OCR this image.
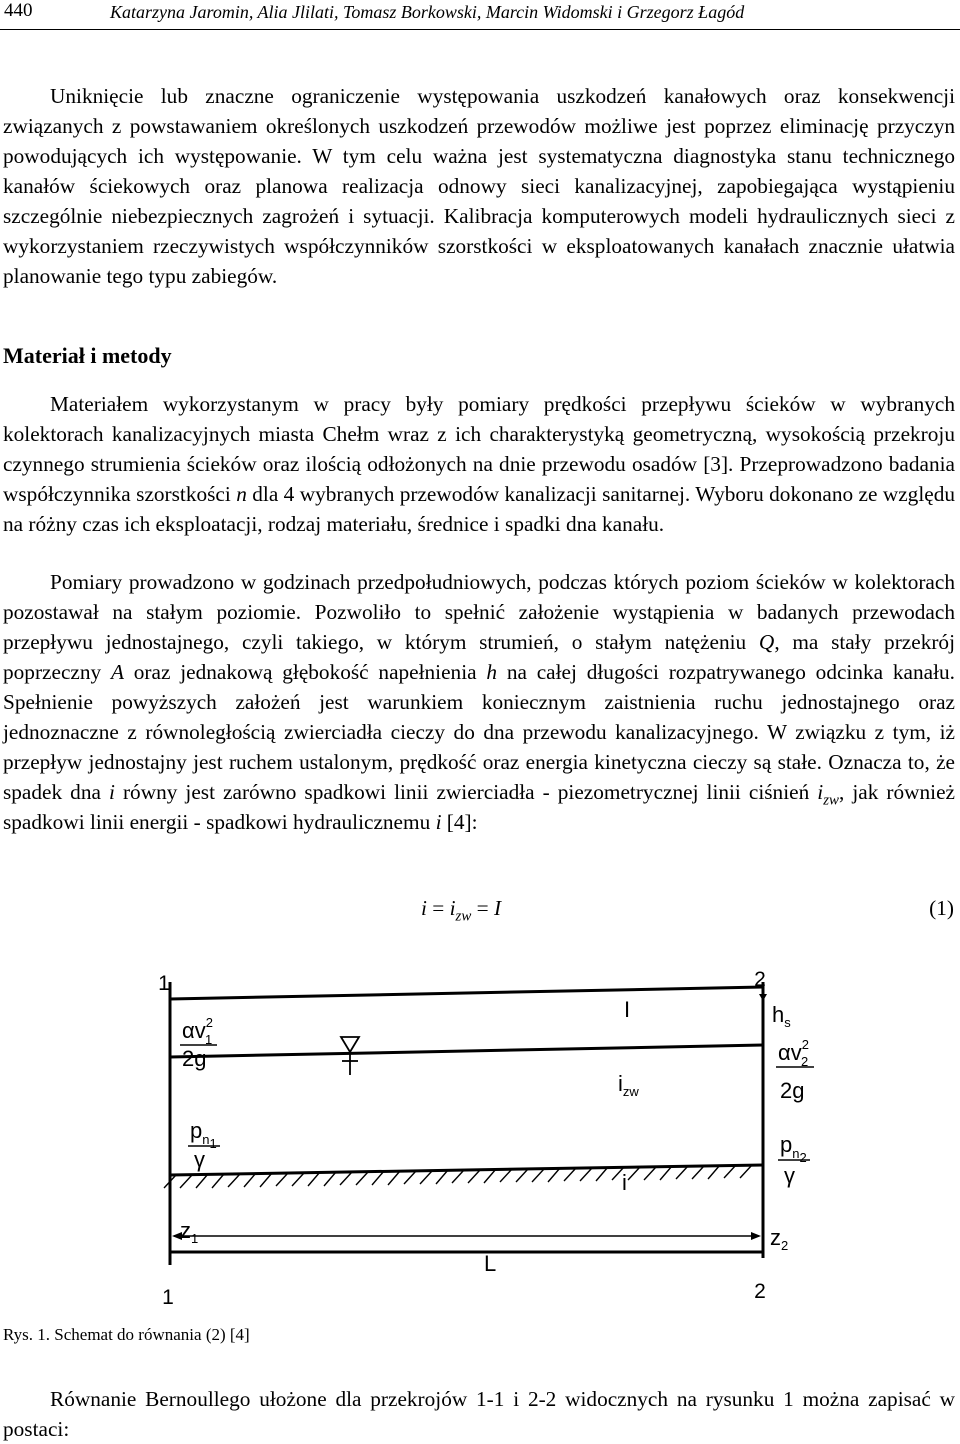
440	Katarzyna Jaromin, Alia Jlilati, Tomasz Borkowski, Marcin Widomski i Grzegorz Łagód

Uniknięcie lub znaczne ograniczenie występowania uszkodzeń kanałowych oraz konsekwencji związanych z powstawaniem określonych uszkodzeń przewodów możliwe jest poprzez eliminację przyczyn powodujących ich występowanie. W tym celu ważna jest systematyczna diagnostyka stanu technicznego kanałów ściekowych oraz planowa realizacja odnowy sieci kanalizacyjnej, zapobiegająca wystąpieniu szczególnie niebezpiecznych zagrożeń i sytuacji. Kalibracja komputerowych modeli hydraulicznych sieci z wykorzystaniem rzeczywistych współczynników szorstkości w eksploatowanych kanałach znacznie ułatwia planowanie tego typu zabiegów.

Materiał i metody

Materiałem wykorzystanym w pracy były pomiary prędkości przepływu ścieków w wybranych kolektorach kanalizacyjnych miasta Chełm wraz z ich charakterystyką geometryczną, wysokością przekroju czynnego strumienia ścieków oraz ilością odłożonych na dnie przewodu osadów [3]. Przeprowadzono badania współczynnika szorstkości n dla 4 wybranych przewodów kanalizacji sanitarnej. Wyboru dokonano ze względu na różny czas ich eksploatacji, rodzaj materiału, średnice i spadki dna kanału.

Pomiary prowadzono w godzinach przedpołudniowych, podczas których poziom ścieków w kolektorach pozostawał na stałym poziomie. Pozwoliło to spełnić założenie wystąpienia w badanych przewodach przepływu jednostajnego, czyli takiego, w którym strumień, o stałym natężeniu Q, ma stały przekrój poprzeczny A oraz jednakową głębokość napełnienia h na całej długości rozpatrywanego odcinka kanału. Spełnienie powyższych założeń jest warunkiem koniecznym zaistnienia ruchu jednostajnego oraz jednoznaczne z równoległością zwierciadła cieczy do dna przewodu kanalizacyjnego. W związku z tym, iż przepływ jednostajny jest ruchem ustalonym, prędkość oraz energia kinetyczna cieczy są stałe. Oznacza to, że spadek dna i równy jest zarówno spadkowi linii zwierciadła - piezometrycznej linii ciśnień $i_{zw}$, jak również spadkowi linii energii - spadkowi hydraulicznemu i [4]:

$i = i_{zw} = I$	(1)
1
1
2
2
$\alpha v^2$ 1
2g	$\alpha v^2$ 2
2g
$p_n1$
γ
$p_n2$
γ
$z_1$	$z_2$
I
$i_{zw}$
i
L
$h_s$
Rys. 1. Schemat do równania (2) [4]

Równanie Bernoullego ułożone dla przekrojów 1-1 i 2-2 widocznych na rysunku 1 można zapisać w postaci:
